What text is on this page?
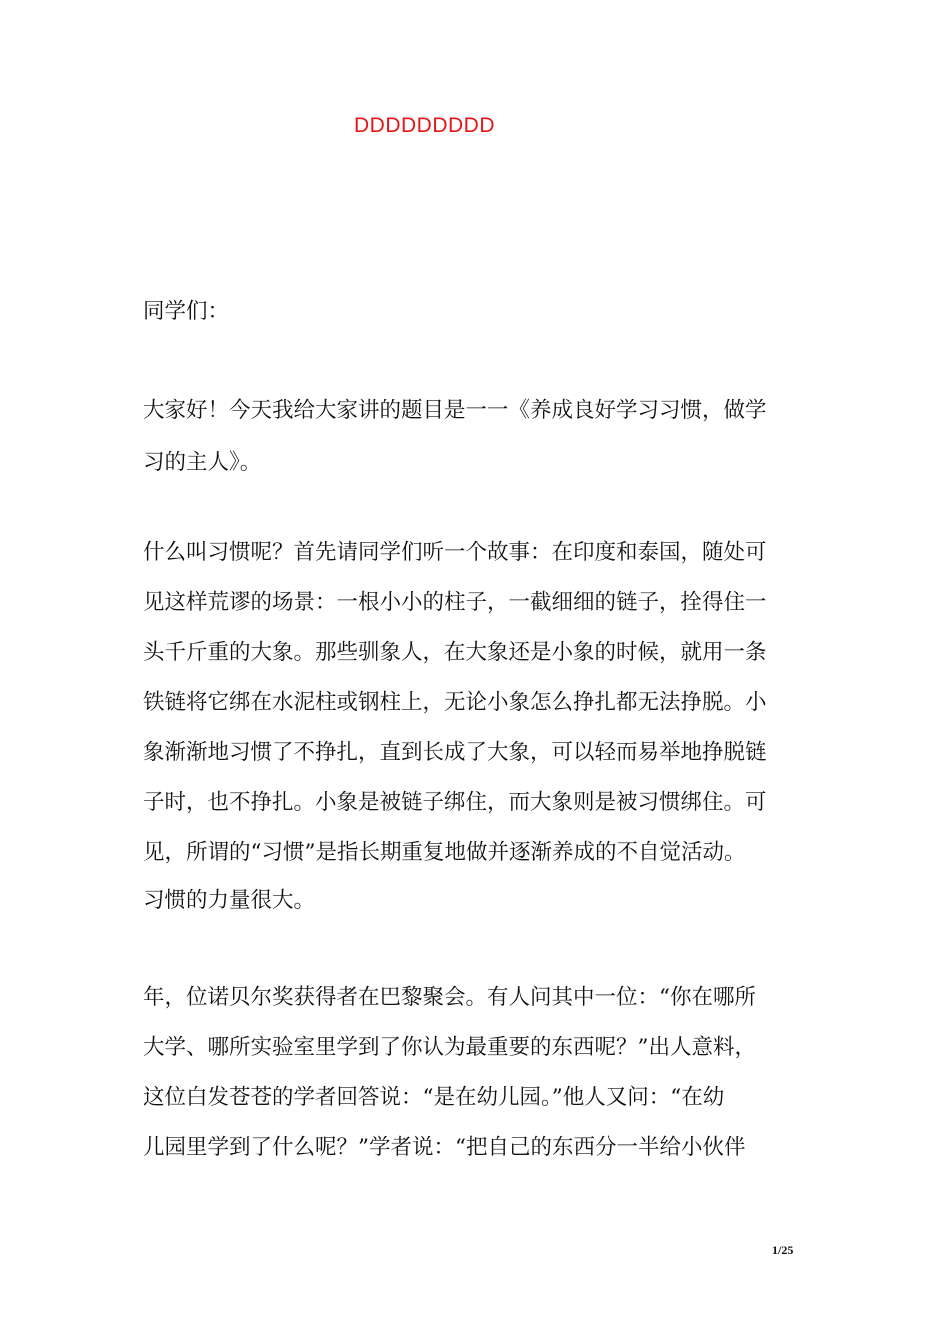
DDDDDDDDD
同学们：
大家好！今天我给大家讲的题目是一一《养成良好学习习惯，做学
习的主人》。
什么叫习惯呢？首先请同学们听一个故事：在印度和泰国，随处可
见这样荒谬的场景：一根小小的柱子，一截细细的链子，拴得住一
头千斤重的大象。那些驯象人，在大象还是小象的时候，就用一条
铁链将它绑在水泥柱或钢柱上，无论小象怎么挣扎都无法挣脱。小
象渐渐地习惯了不挣扎，直到长成了大象，可以轻而易举地挣脱链
子时，也不挣扎。小象是被链子绑住，而大象则是被习惯绑住。可
见，所谓的“习惯”是指长期重复地做并逐渐养成的不自觉活动。
习惯的力量很大。
年，位诺贝尔奖获得者在巴黎聚会。有人问其中一位：“你在哪所
大学、哪所实验室里学到了你认为最重要的东西呢？”出人意料，
这位白发苍苍的学者回答说：“是在幼儿园。”他人又问：“在幼
儿园里学到了什么呢？”学者说：“把自己的东西分一半给小伙伴
1/25
